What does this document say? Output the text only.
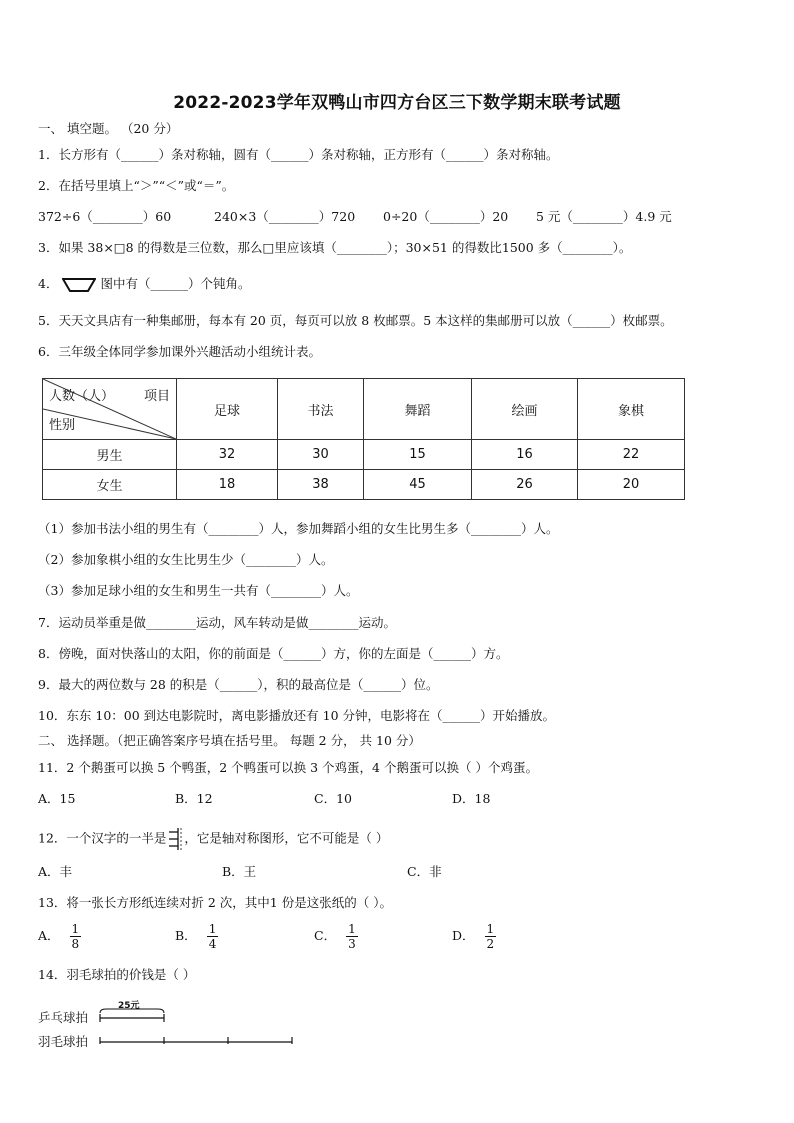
2022-2023学年双鸭山市四方台区三下数学期末联考试题
一、 填空题。 （20 分）
1．长方形有（______）条对称轴，圆有（______）条对称轴，正方形有（______）条对称轴。
2．在括号里填上“＞”“＜”或“＝”。
372÷6（________）60	240×3（________）720 0÷20（________）20 5 元（________）4.9 元
3．如果 38×□8 的得数是三位数，那么□里应该填（________）；30×51 的得数比1500 多（________）。
4．	图中有（______）个钝角。
5．天天文具店有一种集邮册，每本有 20 页，每页可以放 8 枚邮票。5 本这样的集邮册可以放（______）枚邮票。
6．三年级全体同学参加课外兴趣活动小组统计表。
项目
人数（人）
性别	足球	书法	舞蹈	绘画	象棋
男生	32	30	15	16	22
女生	18	38	45	26	20
（1）参加书法小组的男生有（________）人，参加舞蹈小组的女生比男生多（________）人。
（2）参加象棋小组的女生比男生少（________）人。
（3）参加足球小组的女生和男生一共有（________）人。
7．运动员举重是做________运动，风车转动是做________运动。
8．傍晚，面对快落山的太阳，你的前面是（______）方，你的左面是（______）方。
9．最大的两位数与 28 的积是（______），积的最高位是（______）位。
10．东东 10：00 到达电影院时，离电影播放还有 10 分钟，电影将在（______）开始播放。
二、 选择题。（把正确答案序号填在括号里。 每题 2 分， 共 10 分）
11．2 个鹅蛋可以换 5 个鸭蛋，2 个鸭蛋可以换 3 个鸡蛋，4 个鹅蛋可以换（ ）个鸡蛋。
A．15	B．12	C．10	D．18
12．一个汉字的一半是 ，它是轴对称图形，它不可能是（ ）
A．丰	B．王	C．非
13．将一张长方形纸连续对折 2 次，其中1 份是这张纸的（ ）。
A． $\frac{1}{8}$	B． $\frac{1}{4}$	C． $\frac{1}{3}$	D． $\frac{1}{2}$
14．羽毛球拍的价钱是（ ）
25元
乒乓球拍
羽毛球拍
